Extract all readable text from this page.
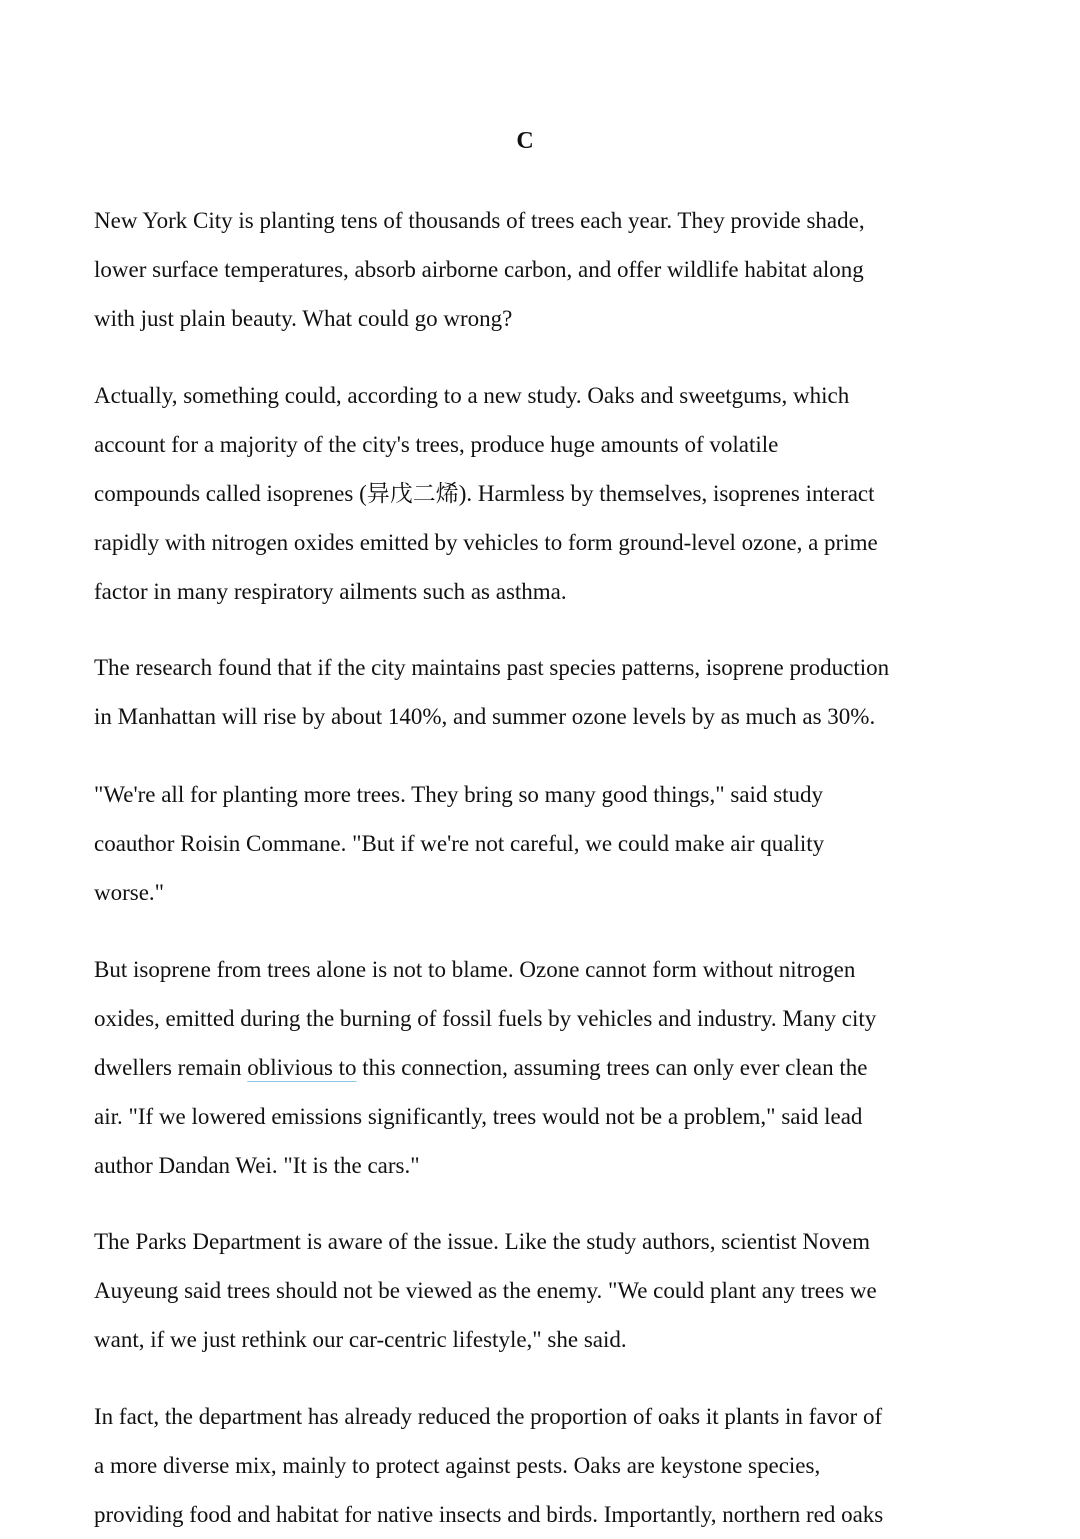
C

New York City is planting tens of thousands of trees each year. They provide shade,
lower surface temperatures, absorb airborne carbon, and offer wildlife habitat along
with just plain beauty. What could go wrong?

Actually, something could, according to a new study. Oaks and sweetgums, which
account for a majority of the city's trees, produce huge amounts of volatile
compounds called isoprenes (异戊二烯). Harmless by themselves, isoprenes interact
rapidly with nitrogen oxides emitted by vehicles to form ground-level ozone, a prime
factor in many respiratory ailments such as asthma.

The research found that if the city maintains past species patterns, isoprene production
in Manhattan will rise by about 140%, and summer ozone levels by as much as 30%.

"We're all for planting more trees. They bring so many good things," said study
coauthor Roisin Commane. "But if we're not careful, we could make air quality
worse."

But isoprene from trees alone is not to blame. Ozone cannot form without nitrogen
oxides, emitted during the burning of fossil fuels by vehicles and industry. Many city
dwellers remain oblivious to this connection, assuming trees can only ever clean the
air. "If we lowered emissions significantly, trees would not be a problem," said lead
author Dandan Wei. "It is the cars."

The Parks Department is aware of the issue. Like the study authors, scientist Novem
Auyeung said trees should not be viewed as the enemy. "We could plant any trees we
want, if we just rethink our car-centric lifestyle," she said.

In fact, the department has already reduced the proportion of oaks it plants in favor of
a more diverse mix, mainly to protect against pests. Oaks are keystone species,
providing food and habitat for native insects and birds. Importantly, northern red oaks
